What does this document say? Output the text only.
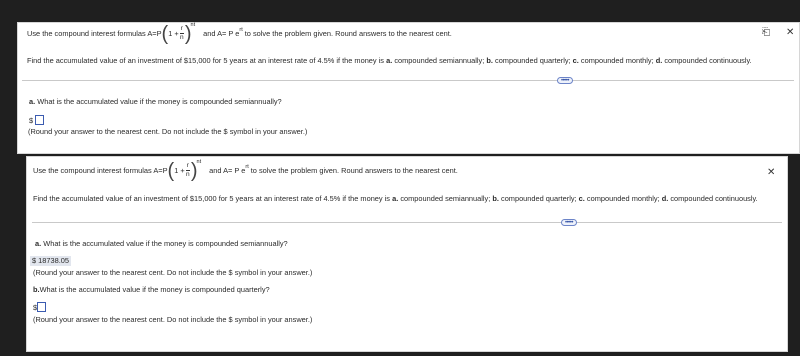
Use the compound interest formulas A=P ( $1 + \frac{r}{n}$ ) nt
and A= P e rt to solve the problem given. Round answers to the nearest cent.	⎗ ✕
Find the accumulated value of an investment of $15,000 for 5 years at an interest rate of 4.5% if the money is a. compounded semiannually; b. compounded quarterly; c. compounded monthly; d. compounded continuously.
•••••
a. What is the accumulated value if the money is compounded semiannually?
$
(Round your answer to the nearest cent. Do not include the $ symbol in your answer.)
Use the compound interest formulas A=P ( $1 + \frac{r}{n}$ ) nt
and A= P e rt to solve the problem given. Round answers to the nearest cent.	✕
Find the accumulated value of an investment of $15,000 for 5 years at an interest rate of 4.5% if the money is a. compounded semiannually; b. compounded quarterly; c. compounded monthly; d. compounded continuously.
•••••
a. What is the accumulated value if the money is compounded semiannually?
$ 18738.05
(Round your answer to the nearest cent. Do not include the $ symbol in your answer.)
b.What is the accumulated value if the money is compounded quarterly?
$
(Round your answer to the nearest cent. Do not include the $ symbol in your answer.)
